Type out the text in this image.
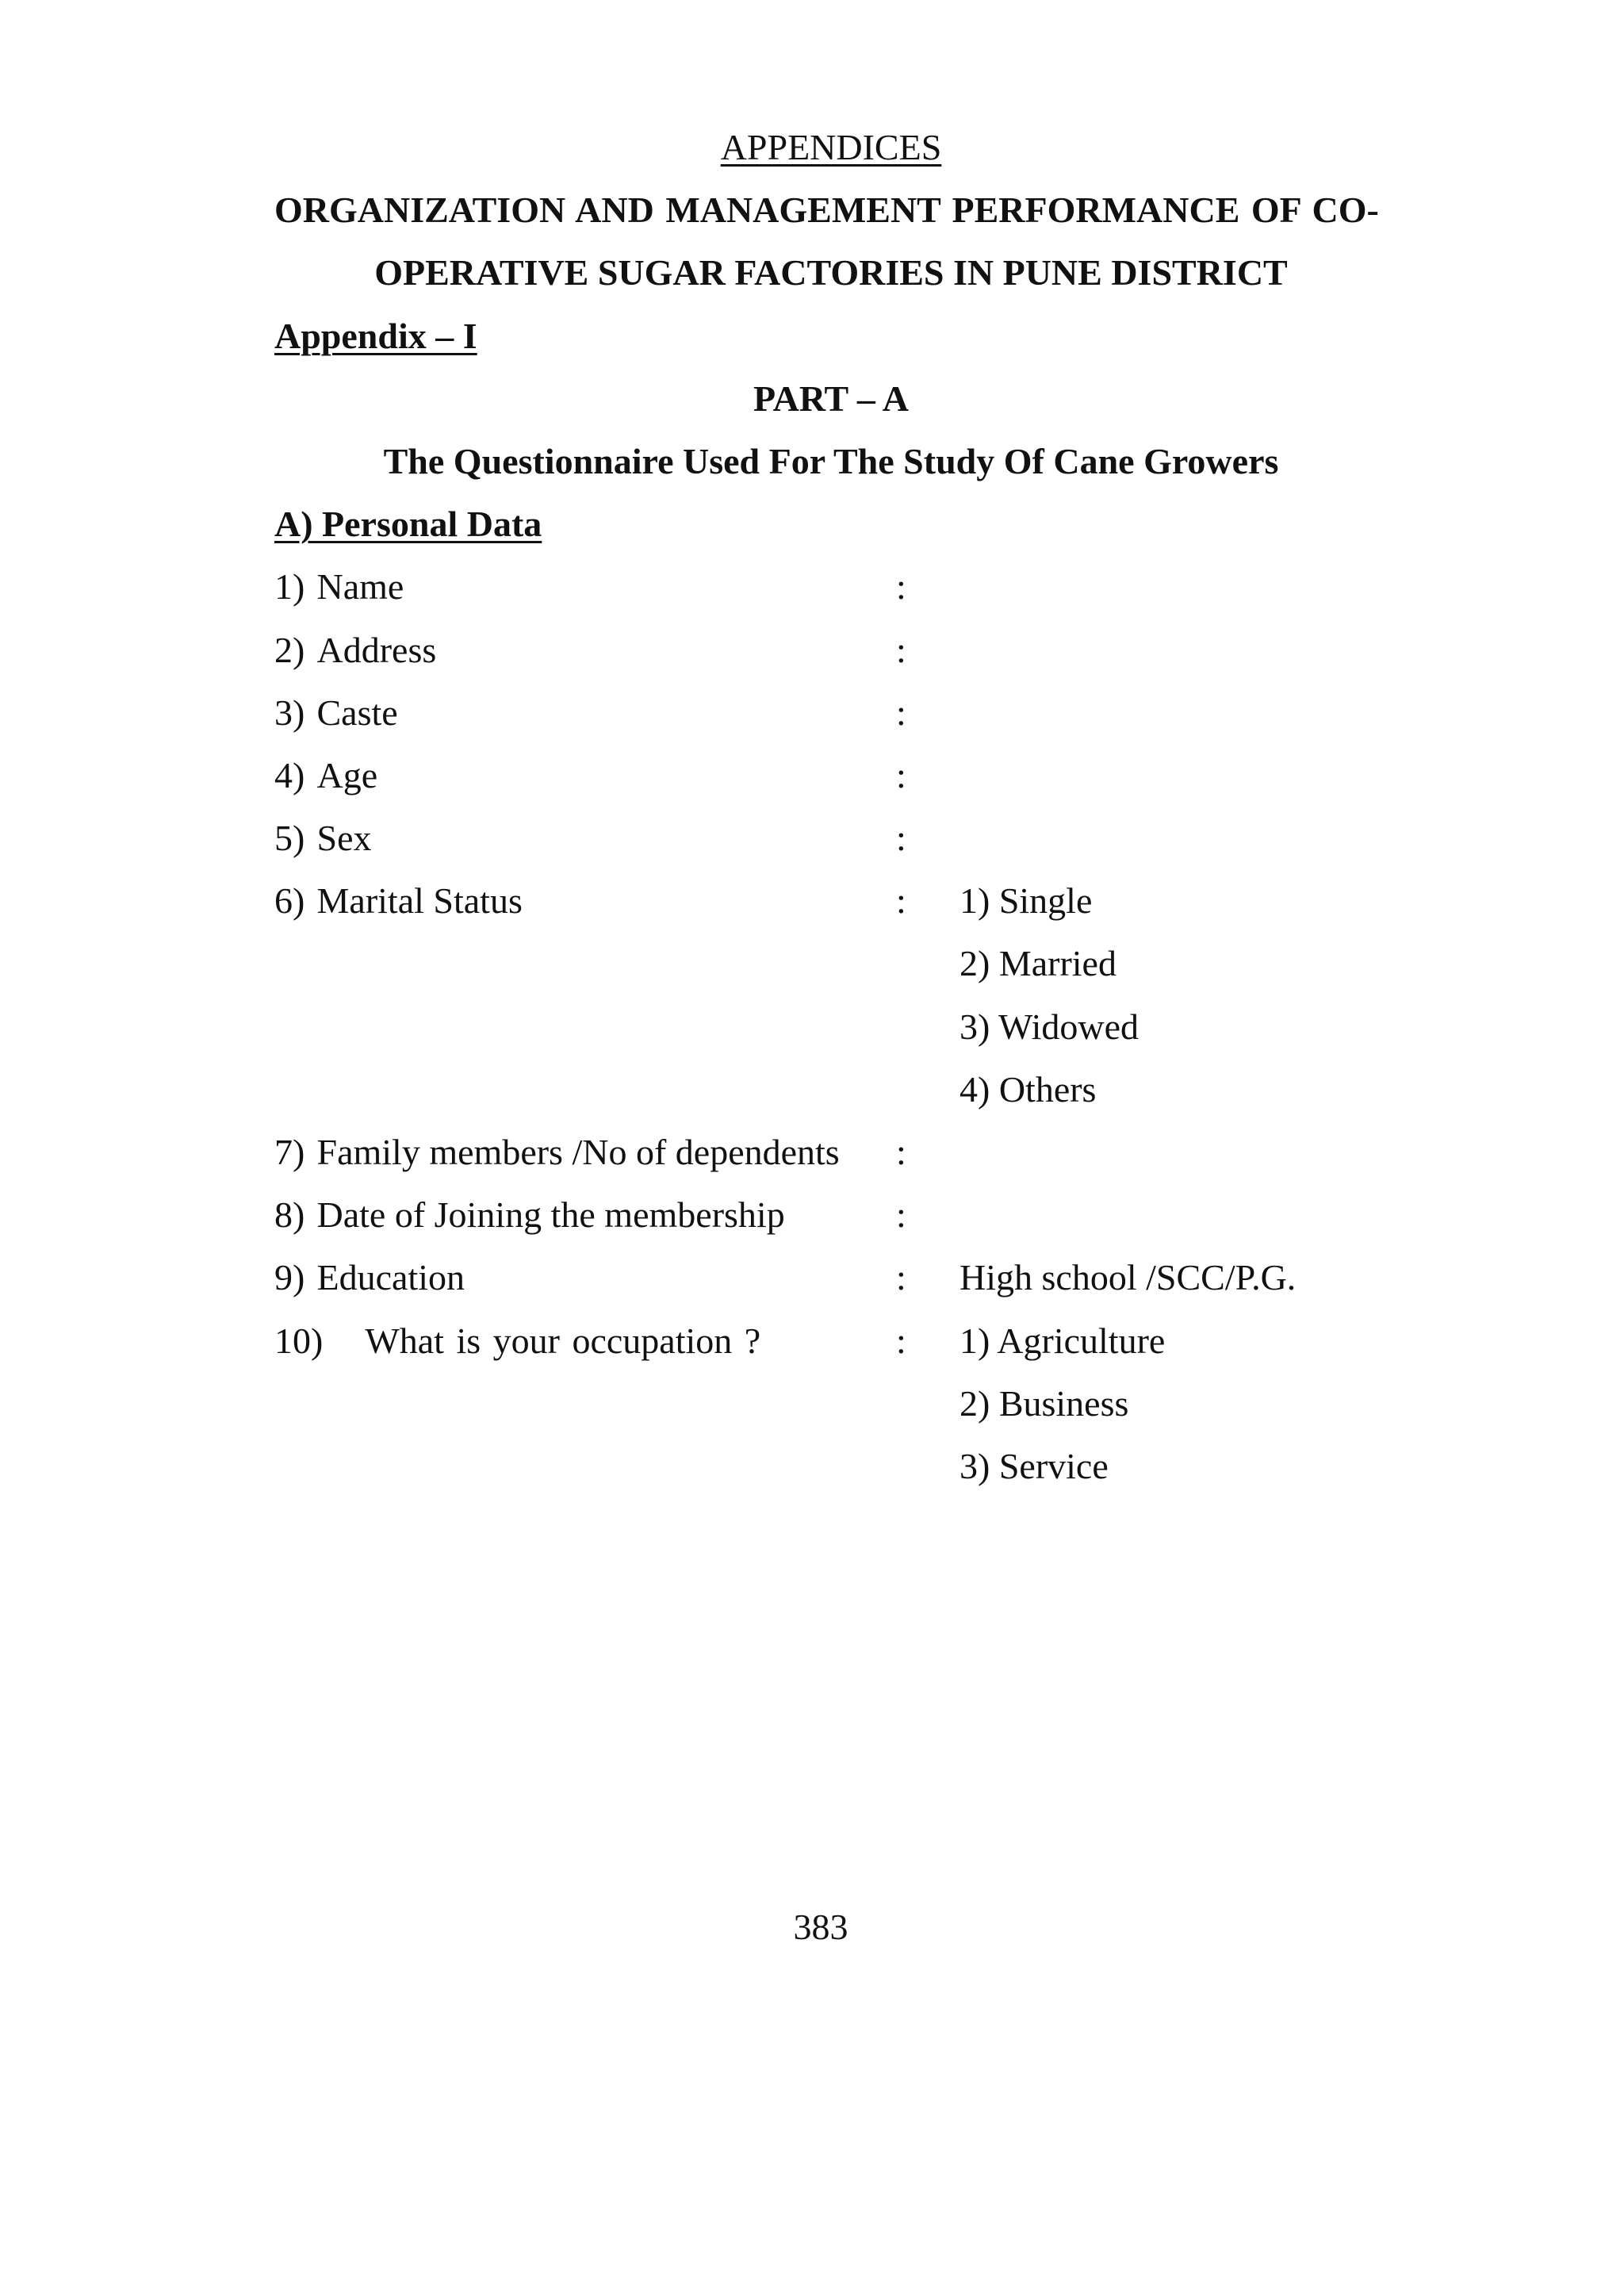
APPENDICES
ORGANIZATION AND MANAGEMENT PERFORMANCE OF CO-
OPERATIVE SUGAR FACTORIES IN PUNE DISTRICT
Appendix – I
PART – A
The Questionnaire Used For The Study Of Cane Growers
A) Personal Data
1) Name	:
2) Address	:
3) Caste	:
4) Age	:
5) Sex	:
6) Marital Status	: 1) Single
2) Married
3) Widowed
4) Others
7) Family members /No of dependents :
8) Date of Joining the membership	:
9) Education	: High school /SCC/P.G.
10) What is your occupation ?	: 1) Agriculture
2) Business
3) Service
383
